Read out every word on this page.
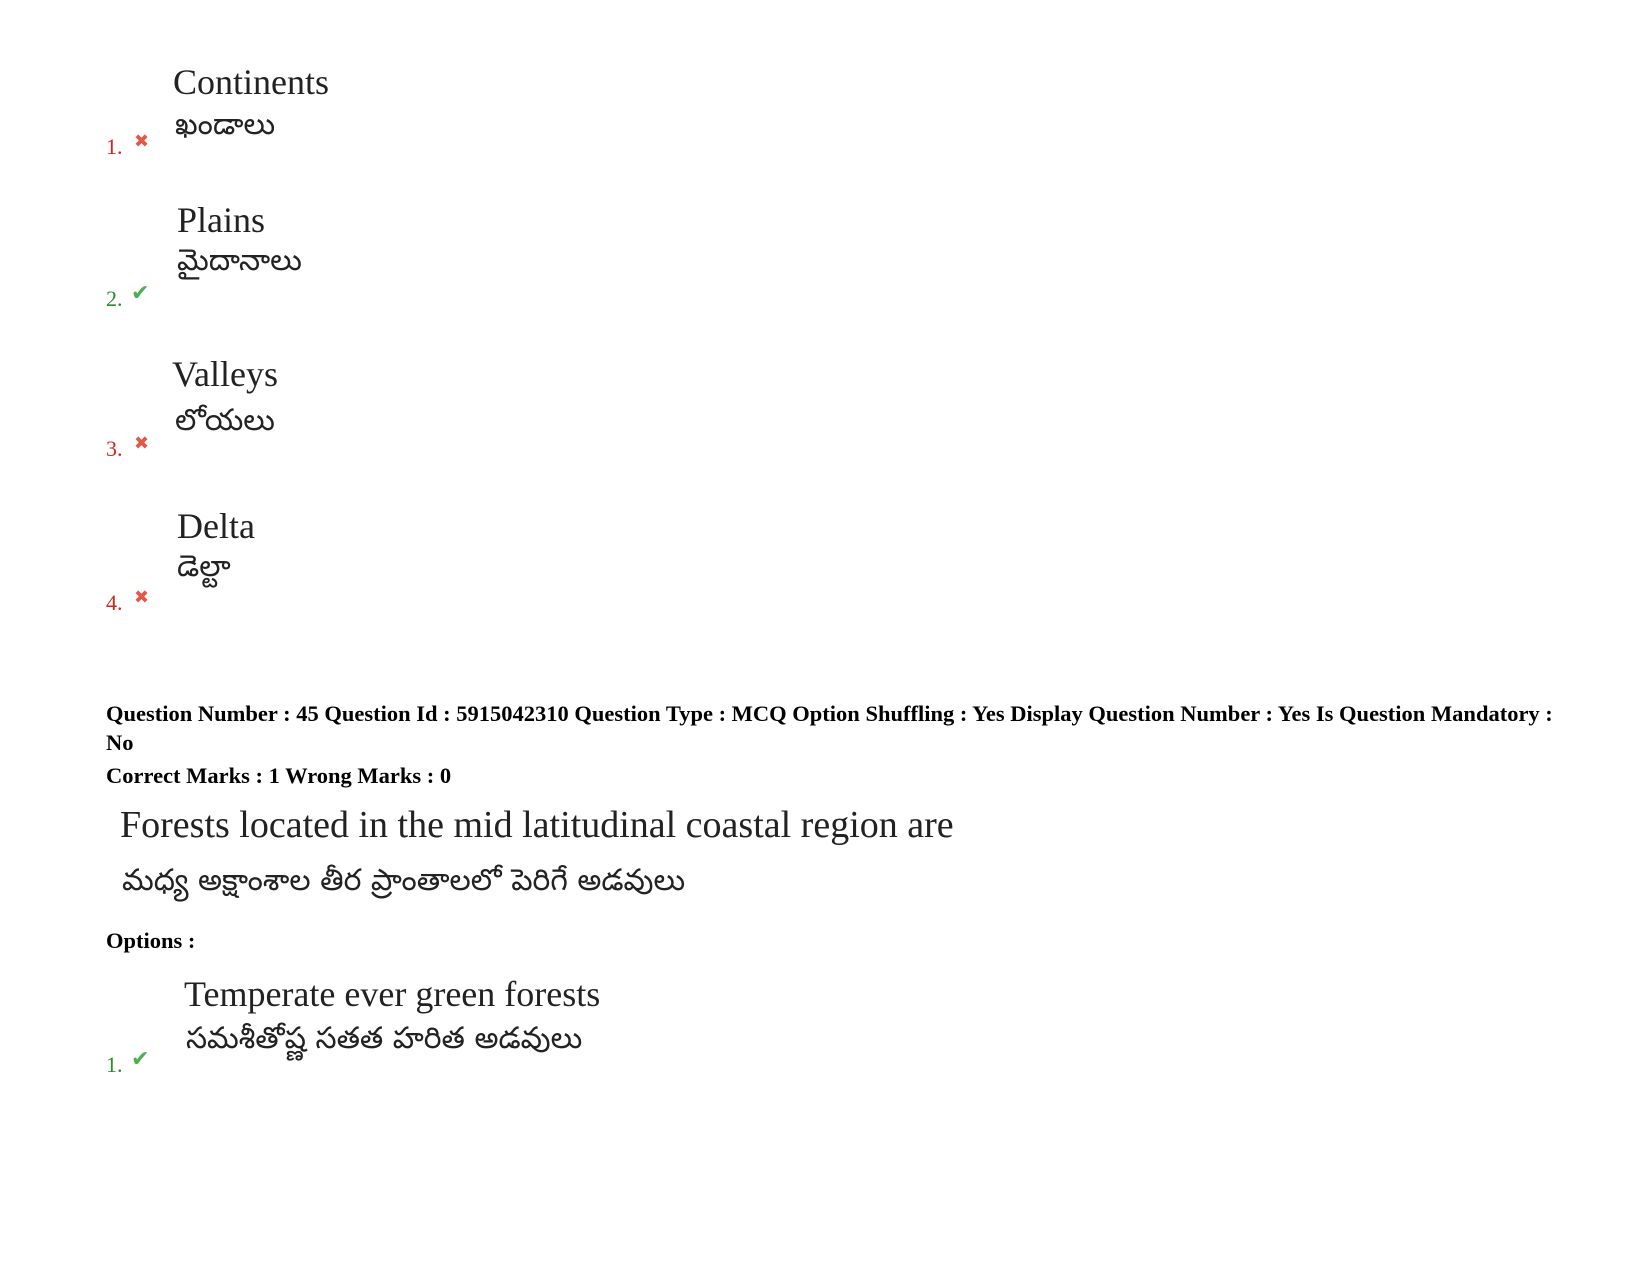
Continents
ఖండాలు
1. ✖
Plains
మైదానాలు
2. ✔
Valleys
లోయలు
3. ✖
Delta
డెల్టా
4. ✖
Question Number : 45 Question Id : 5915042310 Question Type : MCQ Option Shuffling : Yes Display Question Number : Yes Is Question Mandatory : No
Correct Marks : 1 Wrong Marks : 0
Forests located in the mid latitudinal coastal region are
మధ్య అక్షాంశాల తీర ప్రాంతాలలో పెరిగే అడవులు
Options :
Temperate ever green forests
సమశీతోష్ణ సతత హరిత అడవులు
1. ✔
